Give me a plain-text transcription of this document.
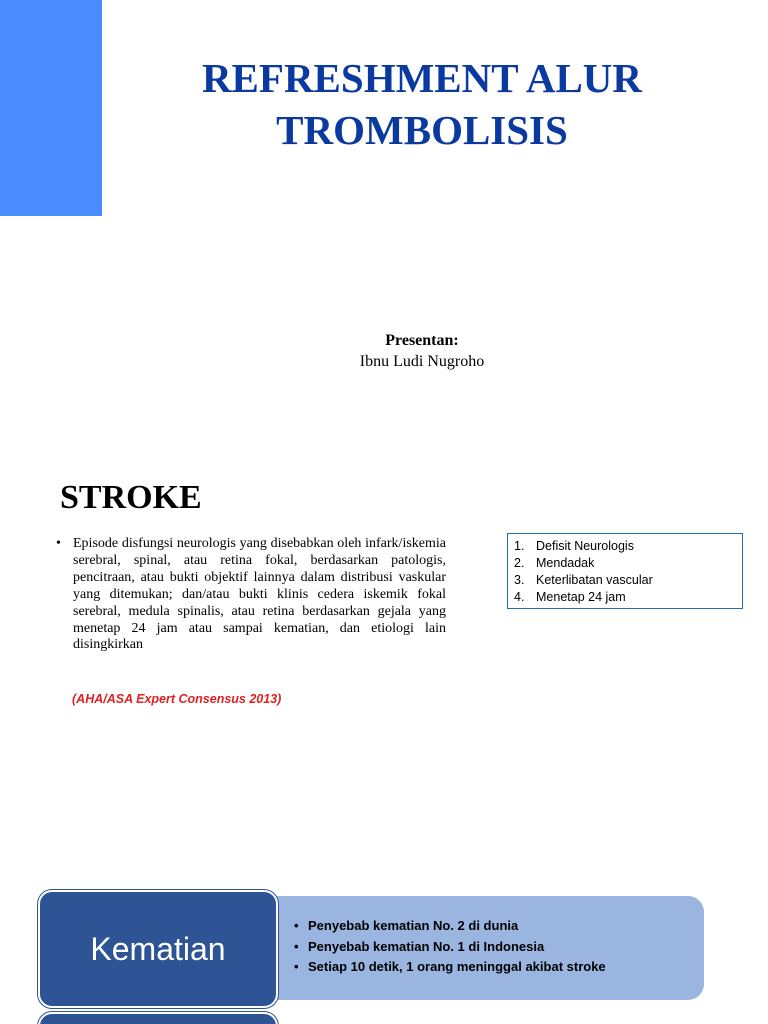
REFRESHMENT ALUR TROMBOLISIS
Presentan:
Ibnu Ludi Nugroho
STROKE
• Episode disfungsi neurologis yang disebabkan oleh infark/iskemia serebral, spinal, atau retina fokal, berdasarkan patologis, pencitraan, atau bukti objektif lainnya dalam distribusi vaskular yang ditemukan; dan/atau bukti klinis cedera iskemik fokal serebral, medula spinalis, atau retina berdasarkan gejala yang menetap 24 jam atau sampai kematian, dan etiologi lain disingkirkan
(AHA/ASA Expert Consensus 2013)
1. Defisit Neurologis
2. Mendadak
3. Keterlibatan vascular
4. Menetap 24 jam
• Penyebab kematian No. 2 di dunia
• Penyebab kematian No. 1 di Indonesia
• Setiap 10 detik, 1 orang meninggal akibat stroke
Kematian
